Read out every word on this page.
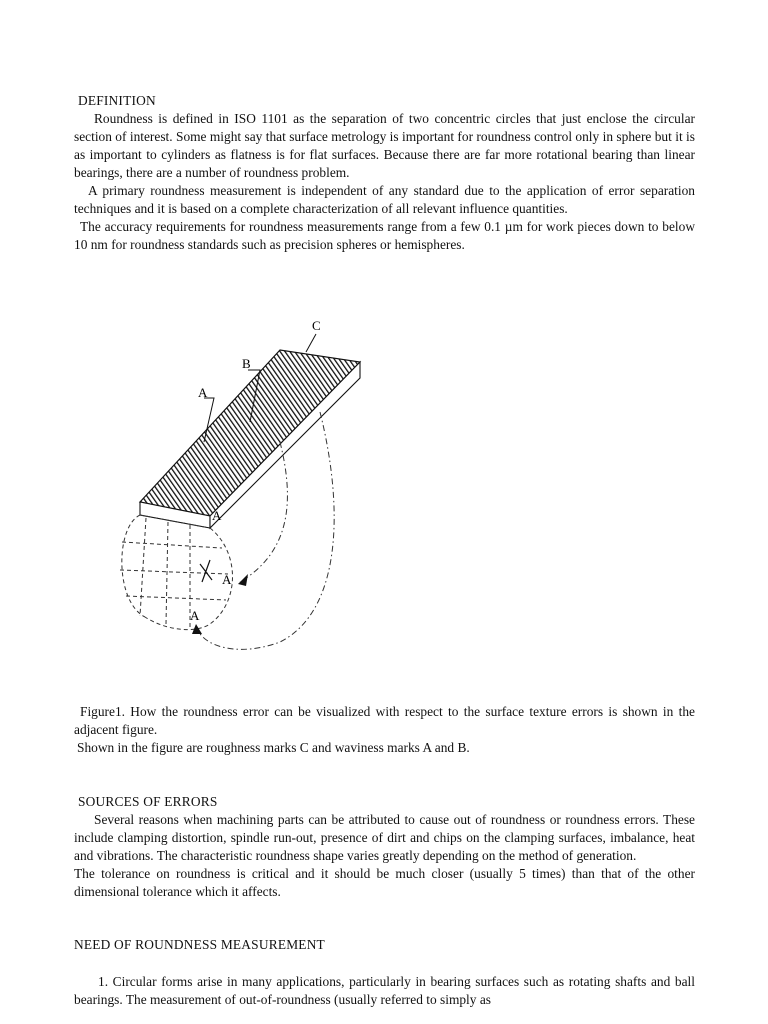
DEFINITION

Roundness is defined in ISO 1101 as the separation of two concentric circles that just enclose the circular section of interest. Some might say that surface metrology is important for roundness control only in sphere but it is as important to cylinders as flatness is for flat surfaces. Because there are far more rotational bearing than linear bearings, there are a number of roundness problem.

A primary roundness measurement is independent of any standard due to the application of error separation techniques and it is based on a complete characterization of all relevant influence quantities.

The accuracy requirements for roundness measurements range from a few 0.1 µm for work pieces down to below 10 nm for roundness standards such as precision spheres or hemispheres.

C
B
A
A
A
A

Figure1. How the roundness error can be visualized with respect to the surface texture errors is shown in the adjacent figure.

Shown in the figure are roughness marks C and waviness marks A and B.

SOURCES OF ERRORS

Several reasons when machining parts can be attributed to cause out of roundness or roundness errors. These include clamping distortion, spindle run-out, presence of dirt and chips on the clamping surfaces, imbalance, heat and vibrations. The characteristic roundness shape varies greatly depending on the method of generation.

The tolerance on roundness is critical and it should be much closer (usually 5 times) than that of the other dimensional tolerance which it affects.

NEED OF ROUNDNESS MEASUREMENT
1. Circular forms arise in many applications, particularly in bearing surfaces such as rotating shafts and ball bearings. The measurement of out-of-roundness (usually referred to simply as
